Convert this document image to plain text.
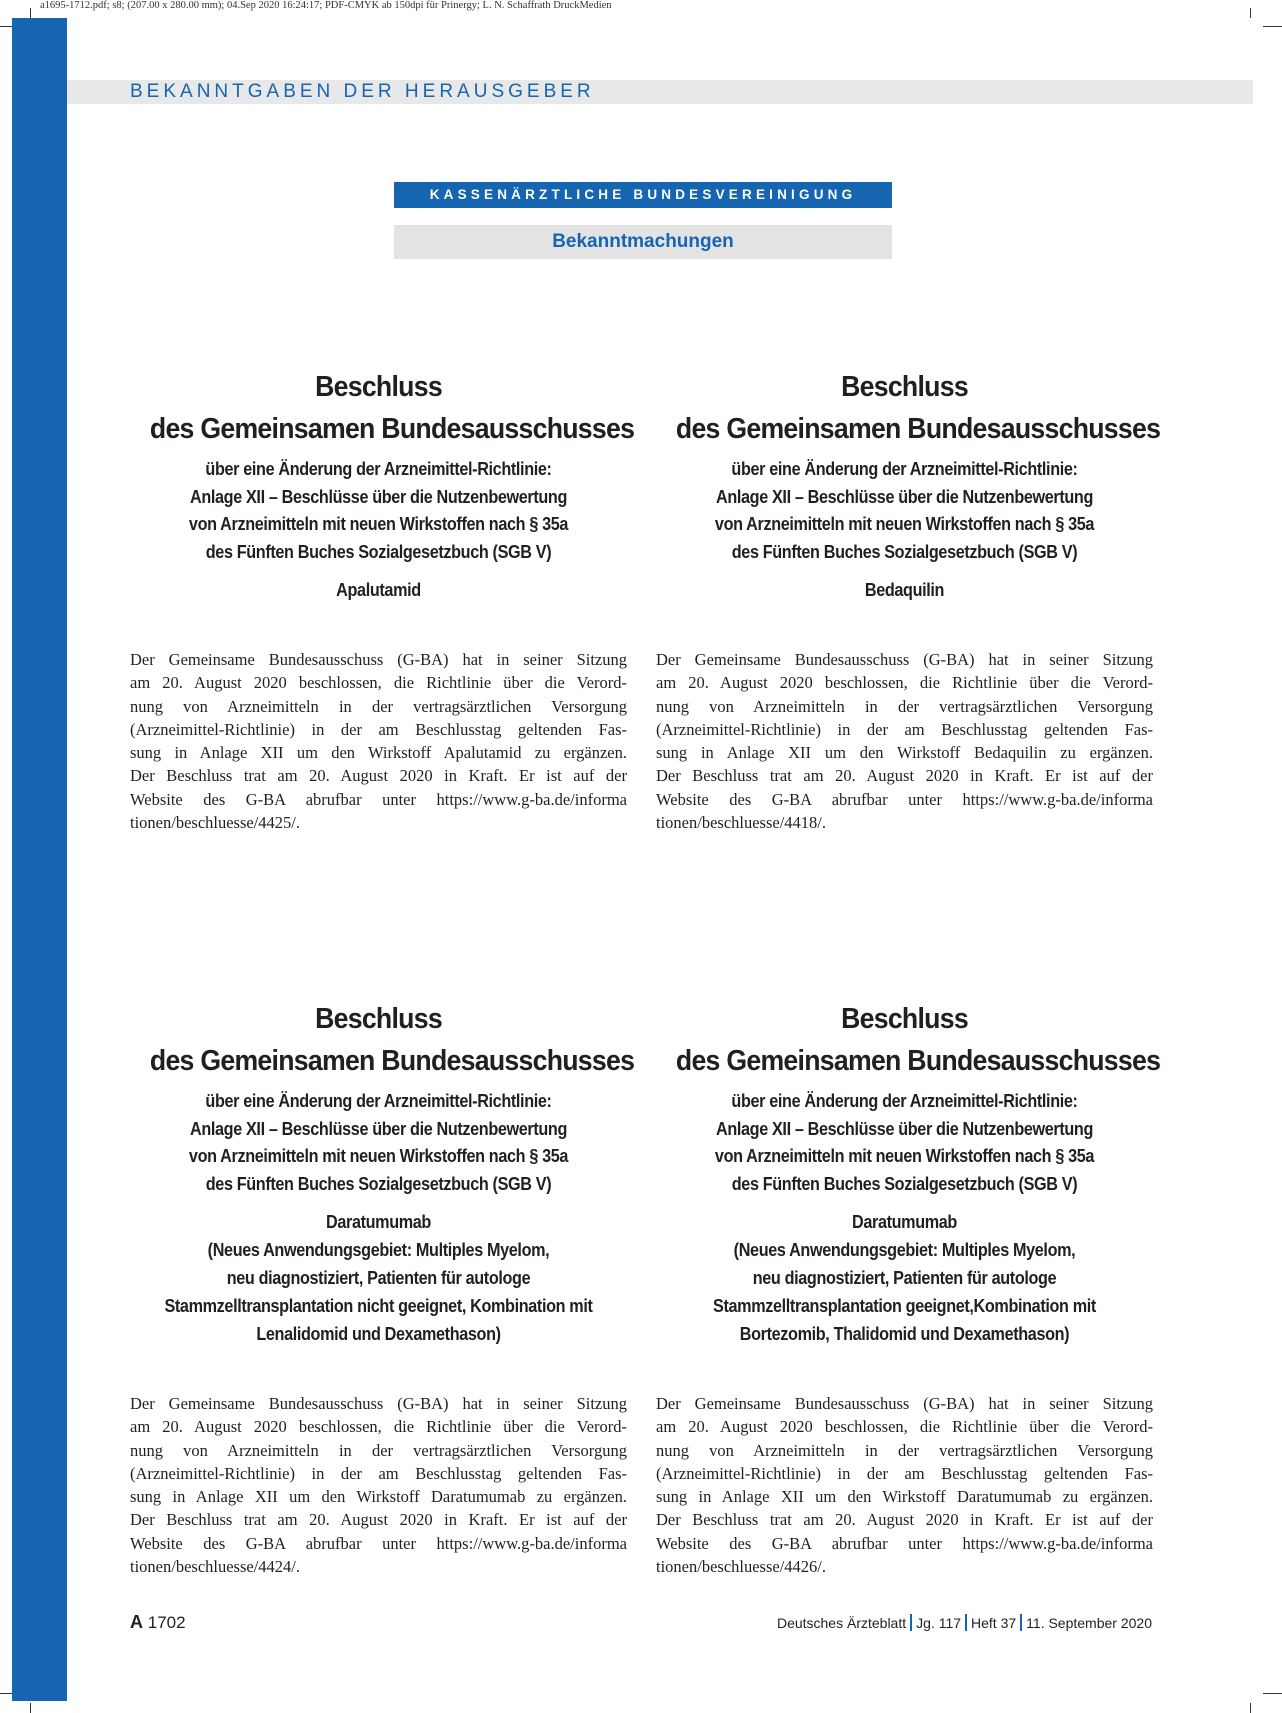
a1695-1712.pdf; s8; (207.00 x 280.00 mm); 04.Sep 2020 16:24:17; PDF-CMYK ab 150dpi für Prinergy; L. N. Schaffrath DruckMedien
BEKANNTGABEN DER HERAUSGEBER
KASSENÄRZTLICHE BUNDESVEREINIGUNG
Bekanntmachungen
Beschluss
des Gemeinsamen Bundesausschusses
über eine Änderung der Arzneimittel-Richtlinie:
Anlage XII – Beschlüsse über die Nutzenbewertung
von Arzneimitteln mit neuen Wirkstoffen nach § 35a
des Fünften Buches Sozialgesetzbuch (SGB V)
Apalutamid
Der Gemeinsame Bundesausschuss (G-BA) hat in seiner Sitzung
am 20. August 2020 beschlossen, die Richtlinie über die Verord-
nung von Arzneimitteln in der vertragsärztlichen Versorgung
(Arzneimittel-Richtlinie) in der am Beschlusstag geltenden Fas-
sung in Anlage XII um den Wirkstoff Apalutamid zu ergänzen.
Der Beschluss trat am 20. August 2020 in Kraft. Er ist auf der
Website des G-BA abrufbar unter https://www.g-ba.de/informa
tionen/beschluesse/4425/.
Beschluss
des Gemeinsamen Bundesausschusses
über eine Änderung der Arzneimittel-Richtlinie:
Anlage XII – Beschlüsse über die Nutzenbewertung
von Arzneimitteln mit neuen Wirkstoffen nach § 35a
des Fünften Buches Sozialgesetzbuch (SGB V)
Bedaquilin
Der Gemeinsame Bundesausschuss (G-BA) hat in seiner Sitzung
am 20. August 2020 beschlossen, die Richtlinie über die Verord-
nung von Arzneimitteln in der vertragsärztlichen Versorgung
(Arzneimittel-Richtlinie) in der am Beschlusstag geltenden Fas-
sung in Anlage XII um den Wirkstoff Bedaquilin zu ergänzen.
Der Beschluss trat am 20. August 2020 in Kraft. Er ist auf der
Website des G-BA abrufbar unter https://www.g-ba.de/informa
tionen/beschluesse/4418/.
Beschluss
des Gemeinsamen Bundesausschusses
über eine Änderung der Arzneimittel-Richtlinie:
Anlage XII – Beschlüsse über die Nutzenbewertung
von Arzneimitteln mit neuen Wirkstoffen nach § 35a
des Fünften Buches Sozialgesetzbuch (SGB V)
Daratumumab
(Neues Anwendungsgebiet: Multiples Myelom,
neu diagnostiziert, Patienten für autologe
Stammzelltransplantation nicht geeignet, Kombination mit
Lenalidomid und Dexamethason)
Der Gemeinsame Bundesausschuss (G-BA) hat in seiner Sitzung
am 20. August 2020 beschlossen, die Richtlinie über die Verord-
nung von Arzneimitteln in der vertragsärztlichen Versorgung
(Arzneimittel-Richtlinie) in der am Beschlusstag geltenden Fas-
sung in Anlage XII um den Wirkstoff Daratumumab zu ergänzen.
Der Beschluss trat am 20. August 2020 in Kraft. Er ist auf der
Website des G-BA abrufbar unter https://www.g-ba.de/informa
tionen/beschluesse/4424/.
Beschluss
des Gemeinsamen Bundesausschusses
über eine Änderung der Arzneimittel-Richtlinie:
Anlage XII – Beschlüsse über die Nutzenbewertung
von Arzneimitteln mit neuen Wirkstoffen nach § 35a
des Fünften Buches Sozialgesetzbuch (SGB V)
Daratumumab
(Neues Anwendungsgebiet: Multiples Myelom,
neu diagnostiziert, Patienten für autologe
Stammzelltransplantation geeignet,Kombination mit
Bortezomib, Thalidomid und Dexamethason)
Der Gemeinsame Bundesausschuss (G-BA) hat in seiner Sitzung
am 20. August 2020 beschlossen, die Richtlinie über die Verord-
nung von Arzneimitteln in der vertragsärztlichen Versorgung
(Arzneimittel-Richtlinie) in der am Beschlusstag geltenden Fas-
sung in Anlage XII um den Wirkstoff Daratumumab zu ergänzen.
Der Beschluss trat am 20. August 2020 in Kraft. Er ist auf der
Website des G-BA abrufbar unter https://www.g-ba.de/informa
tionen/beschluesse/4426/.
A 1702	Deutsches Ärzteblatt Jg. 117 Heft 37 11. September 2020
